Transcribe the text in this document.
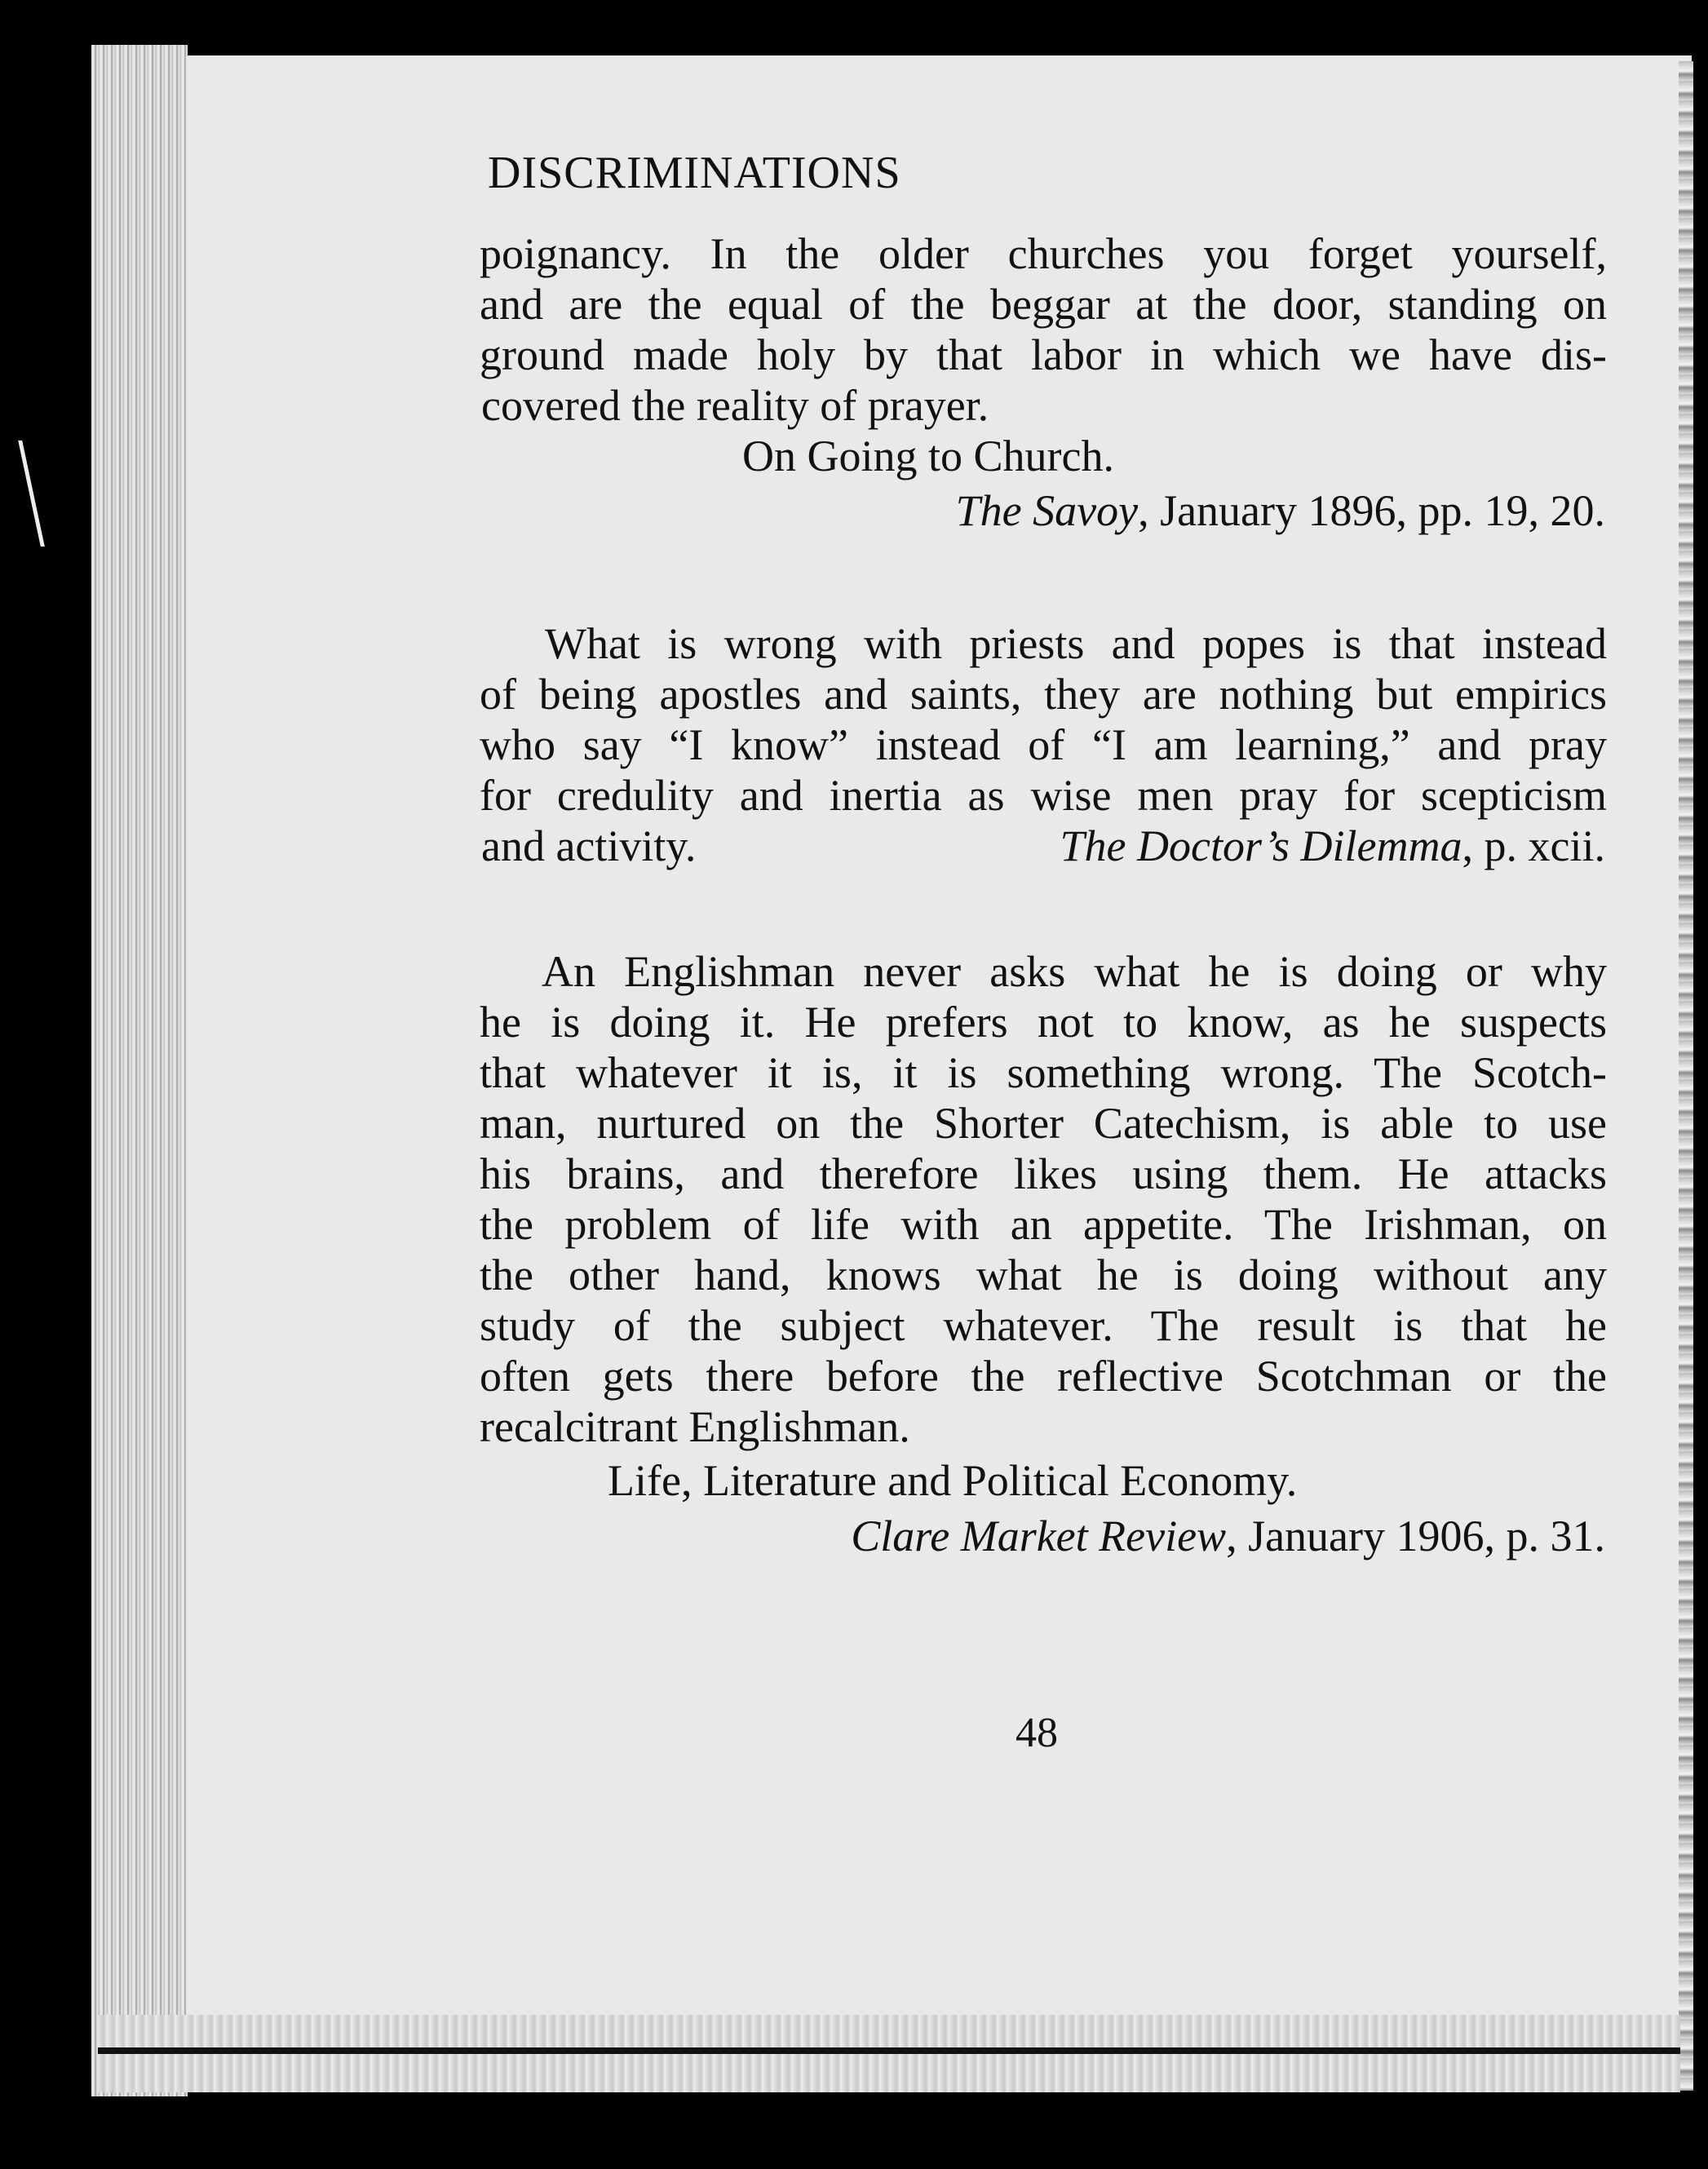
DISCRIMINATIONS
poignancy. In the older churches you forget yourself,
and are the equal of the beggar at the door, standing on
ground made holy by that labor in which we have dis-
covered the reality of prayer.
On Going to Church.
The Savoy, January 1896, pp. 19, 20.
What is wrong with priests and popes is that instead
of being apostles and saints, they are nothing but empirics
who say “I know” instead of “I am learning,” and pray
for credulity and inertia as wise men pray for scepticism
and activity.	The Doctor’s Dilemma, p. xcii.
An Englishman never asks what he is doing or why
he is doing it. He prefers not to know, as he suspects
that whatever it is, it is something wrong. The Scotch-
man, nurtured on the Shorter Catechism, is able to use
his brains, and therefore likes using them. He attacks
the problem of life with an appetite. The Irishman, on
the other hand, knows what he is doing without any
study of the subject whatever. The result is that he
often gets there before the reflective Scotchman or the
recalcitrant Englishman.
Life, Literature and Political Economy.
Clare Market Review, January 1906, p. 31.
48
